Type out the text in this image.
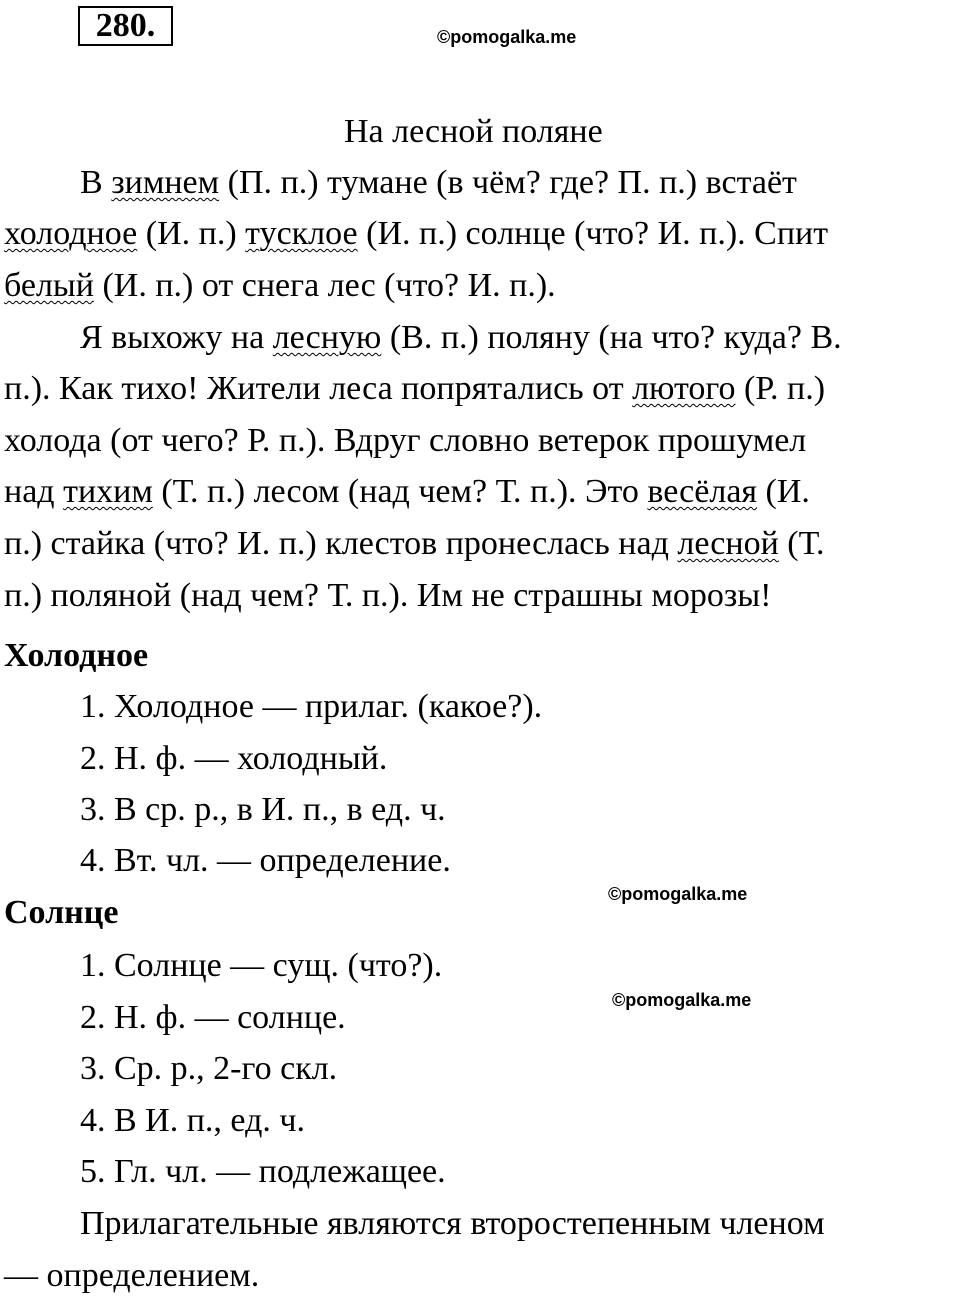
280.	©pomogalka.me
На лесной поляне
В зимнем (П. п.) тумане (в чём? где? П. п.) встаёт
холодное (И. п.) тусклое (И. п.) солнце (что? И. п.). Спит
белый (И. п.) от снега лес (что? И. п.).
Я выхожу на лесную (В. п.) поляну (на что? куда? В.
п.). Как тихо! Жители леса попрятались от лютого (Р. п.)
холода (от чего? Р. п.). Вдруг словно ветерок прошумел
над тихим (Т. п.) лесом (над чем? Т. п.). Это весёлая (И.
п.) стайка (что? И. п.) клестов пронеслась над лесной (Т.
п.) поляной (над чем? Т. п.). Им не страшны морозы!
Холодное
1. Холодное — прилаг. (какое?).
2. Н. ф. — холодный.
3. В ср. р., в И. п., в ед. ч.
4. Вт. чл. — определение.
©pomogalka.me
Солнце
1. Солнце — сущ. (что?).
©pomogalka.me
2. Н. ф. — солнце.
3. Ср. р., 2-го скл.
4. В И. п., ед. ч.
5. Гл. чл. — подлежащее.
Прилагательные являются второстепенным членом
— определением.
